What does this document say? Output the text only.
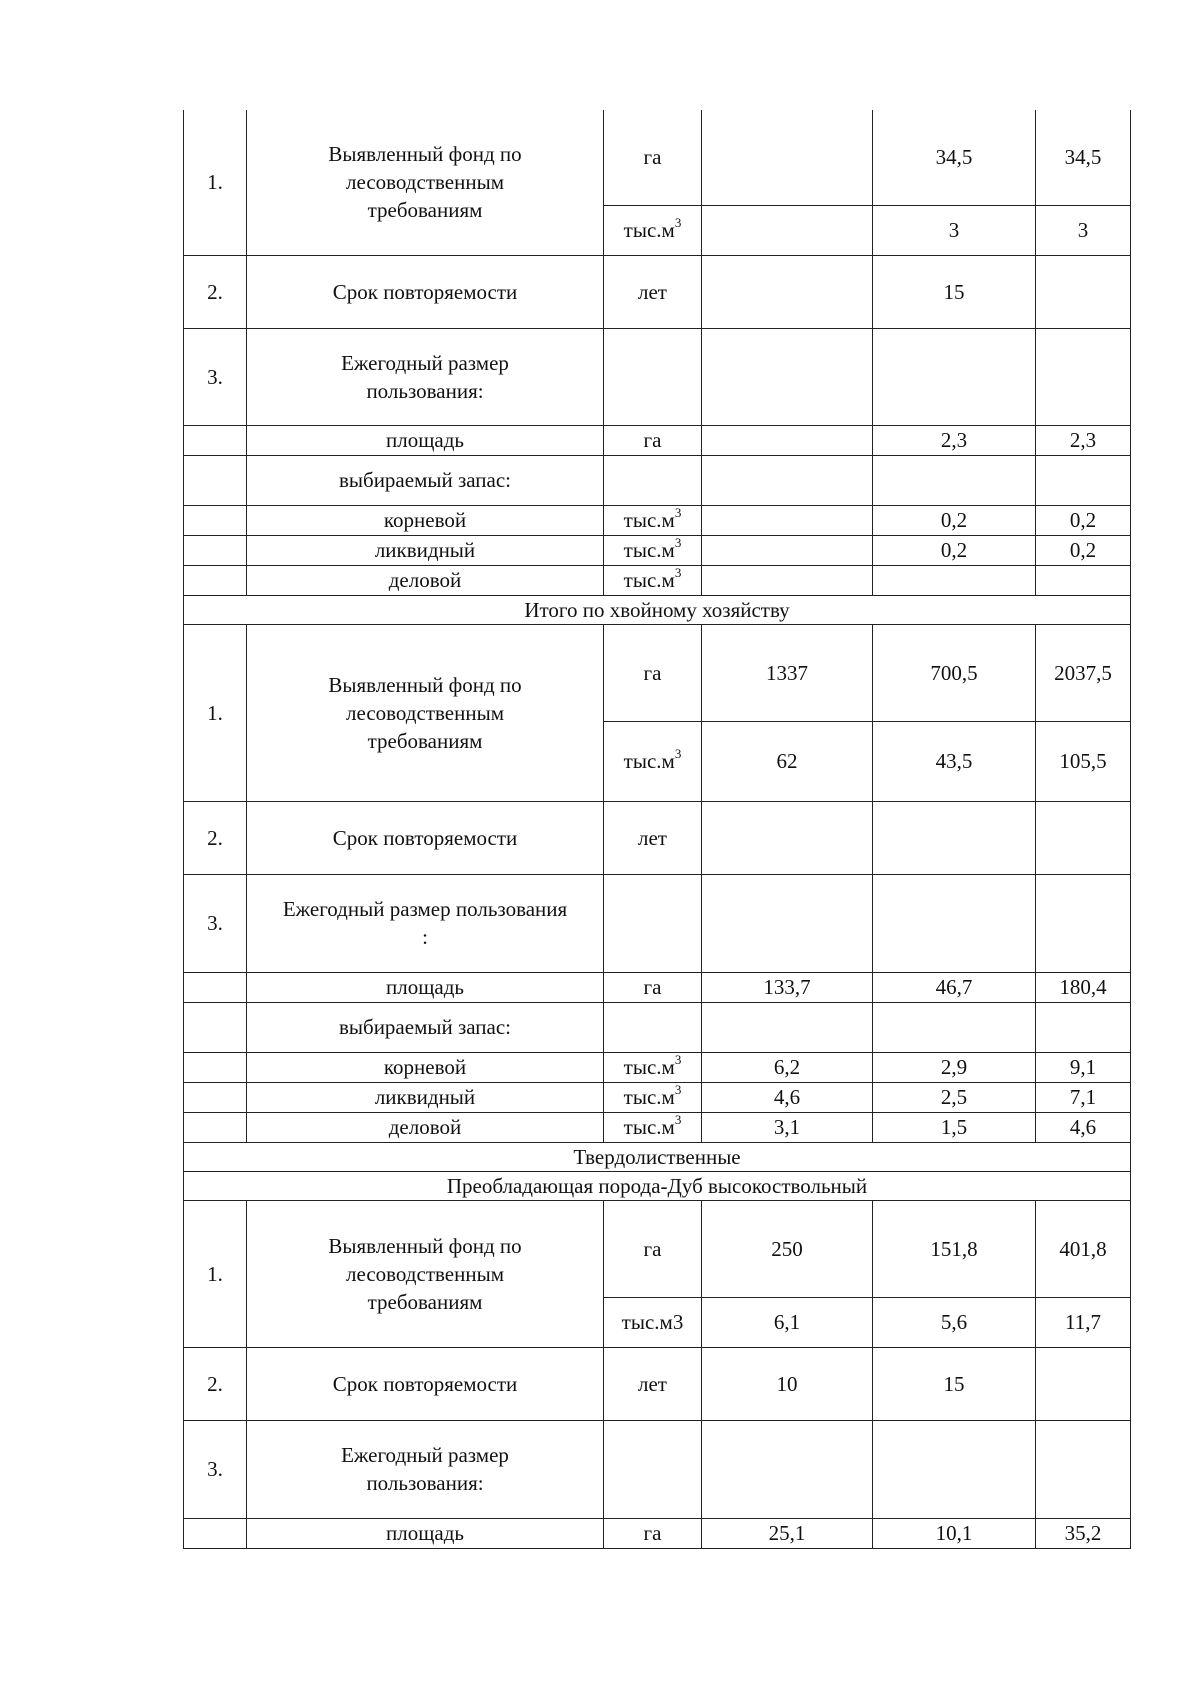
1.	Выявленный фонд по
лесоводственным
требованиям	га		34,5	34,5
		$тыс.м^3$		3	3
2.	Срок повторяемости	лет		15	
3.	Ежегодный размер
пользования:				
	площадь	га		2,3	2,3
	выбираемый запас:				
	корневой	$тыс.м^3$		0,2	0,2
	ликвидный	$тыс.м^3$		0,2	0,2
	деловой	$тыс.м^3$			
Итого по хвойному хозяйству					
1.	Выявленный фонд по
лесоводственным
требованиям	га	1337	700,5	2037,5
		$тыс.м^3$	62	43,5	105,5
2.	Срок повторяемости	лет			
3.	Ежегодный размер пользования
:				
	площадь	га	133,7	46,7	180,4
	выбираемый запас:				
	корневой	$тыс.м^3$	6,2	2,9	9,1
	ликвидный	$тыс.м^3$	4,6	2,5	7,1
	деловой	$тыс.м^3$	3,1	1,5	4,6
Твердолиственные					
Преобладающая порода-Дуб высокоствольный					
1.	Выявленный фонд по
лесоводственным
требованиям	га	250	151,8	401,8
		тыс.м3	6,1	5,6	11,7
2.	Срок повторяемости	лет	10	15	
3.	Ежегодный размер
пользования:				
	площадь	га	25,1	10,1	35,2
